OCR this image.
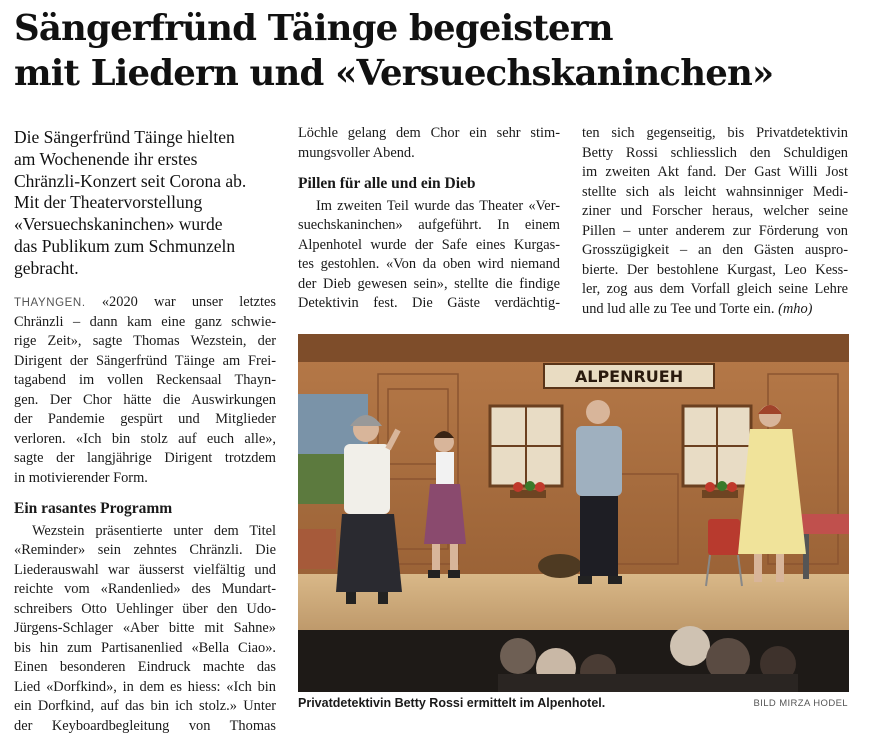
Sängerfründ Täinge begeistern
mit Liedern und «Versuechskaninchen»
Die Sängerfründ Täinge hielten
am Wochenende ihr erstes
Chränzli-Konzert seit Corona ab.
Mit der Theatervorstellung
«Versuechskaninchen» wurde
das Publikum zum Schmunzeln
gebracht.
THAYNGEN. «2020 war unser letztes
Chränzli – dann kam eine ganz schwie-
rige Zeit», sagte Thomas Wezstein, der
Dirigent der Sängerfründ Täinge am Frei-
tagabend im vollen Reckensaal Thayn-
gen. Der Chor hätte die Auswirkungen
der Pandemie gespürt und Mitglieder
verloren. «Ich bin stolz auf euch alle»,
sagte der langjährige Dirigent trotzdem
in motivierender Form.
Ein rasantes Programm
Wezstein präsentierte unter dem Titel
«Reminder» sein zehntes Chränzli. Die
Liederauswahl war äusserst vielfältig und
reichte vom «Randenlied» des Mundart-
schreibers Otto Uehlinger über den Udo-
Jürgens-Schlager «Aber bitte mit Sahne»
bis hin zum Partisanenlied «Bella Ciao».
Einen besonderen Eindruck machte das
Lied «Dorfkind», in dem es hiess: «Ich bin
ein Dorfkind, auf das bin ich stolz.» Unter
der Keyboardbegleitung von Thomas
Löchle gelang dem Chor ein sehr stim-
mungsvoller Abend.
Pillen für alle und ein Dieb
Im zweiten Teil wurde das Theater «Ver-
suechskaninchen» aufgeführt. In einem
Alpenhotel wurde der Safe eines Kurgas-
tes gestohlen. «Von da oben wird niemand
der Dieb gewesen sein», stellte die findige
Detektivin fest. Die Gäste verdächtig-
ten sich gegenseitig, bis Privatdetektivin
Betty Rossi schliesslich den Schuldigen
im zweiten Akt fand. Der Gast Willi Jost
stellte sich als leicht wahnsinniger Medi-
ziner und Forscher heraus, welcher seine
Pillen – unter anderem zur Förderung von
Grosszügigkeit – an den Gästen auspro-
bierte. Der bestohlene Kurgast, Leo Kess-
ler, zog aus dem Vorfall gleich seine Lehre
und lud alle zu Tee und Torte ein. (mho)
ALPENRUEH
Privatdetektivin Betty Rossi ermittelt im Alpenhotel.	BILD MIRZA HODEL
